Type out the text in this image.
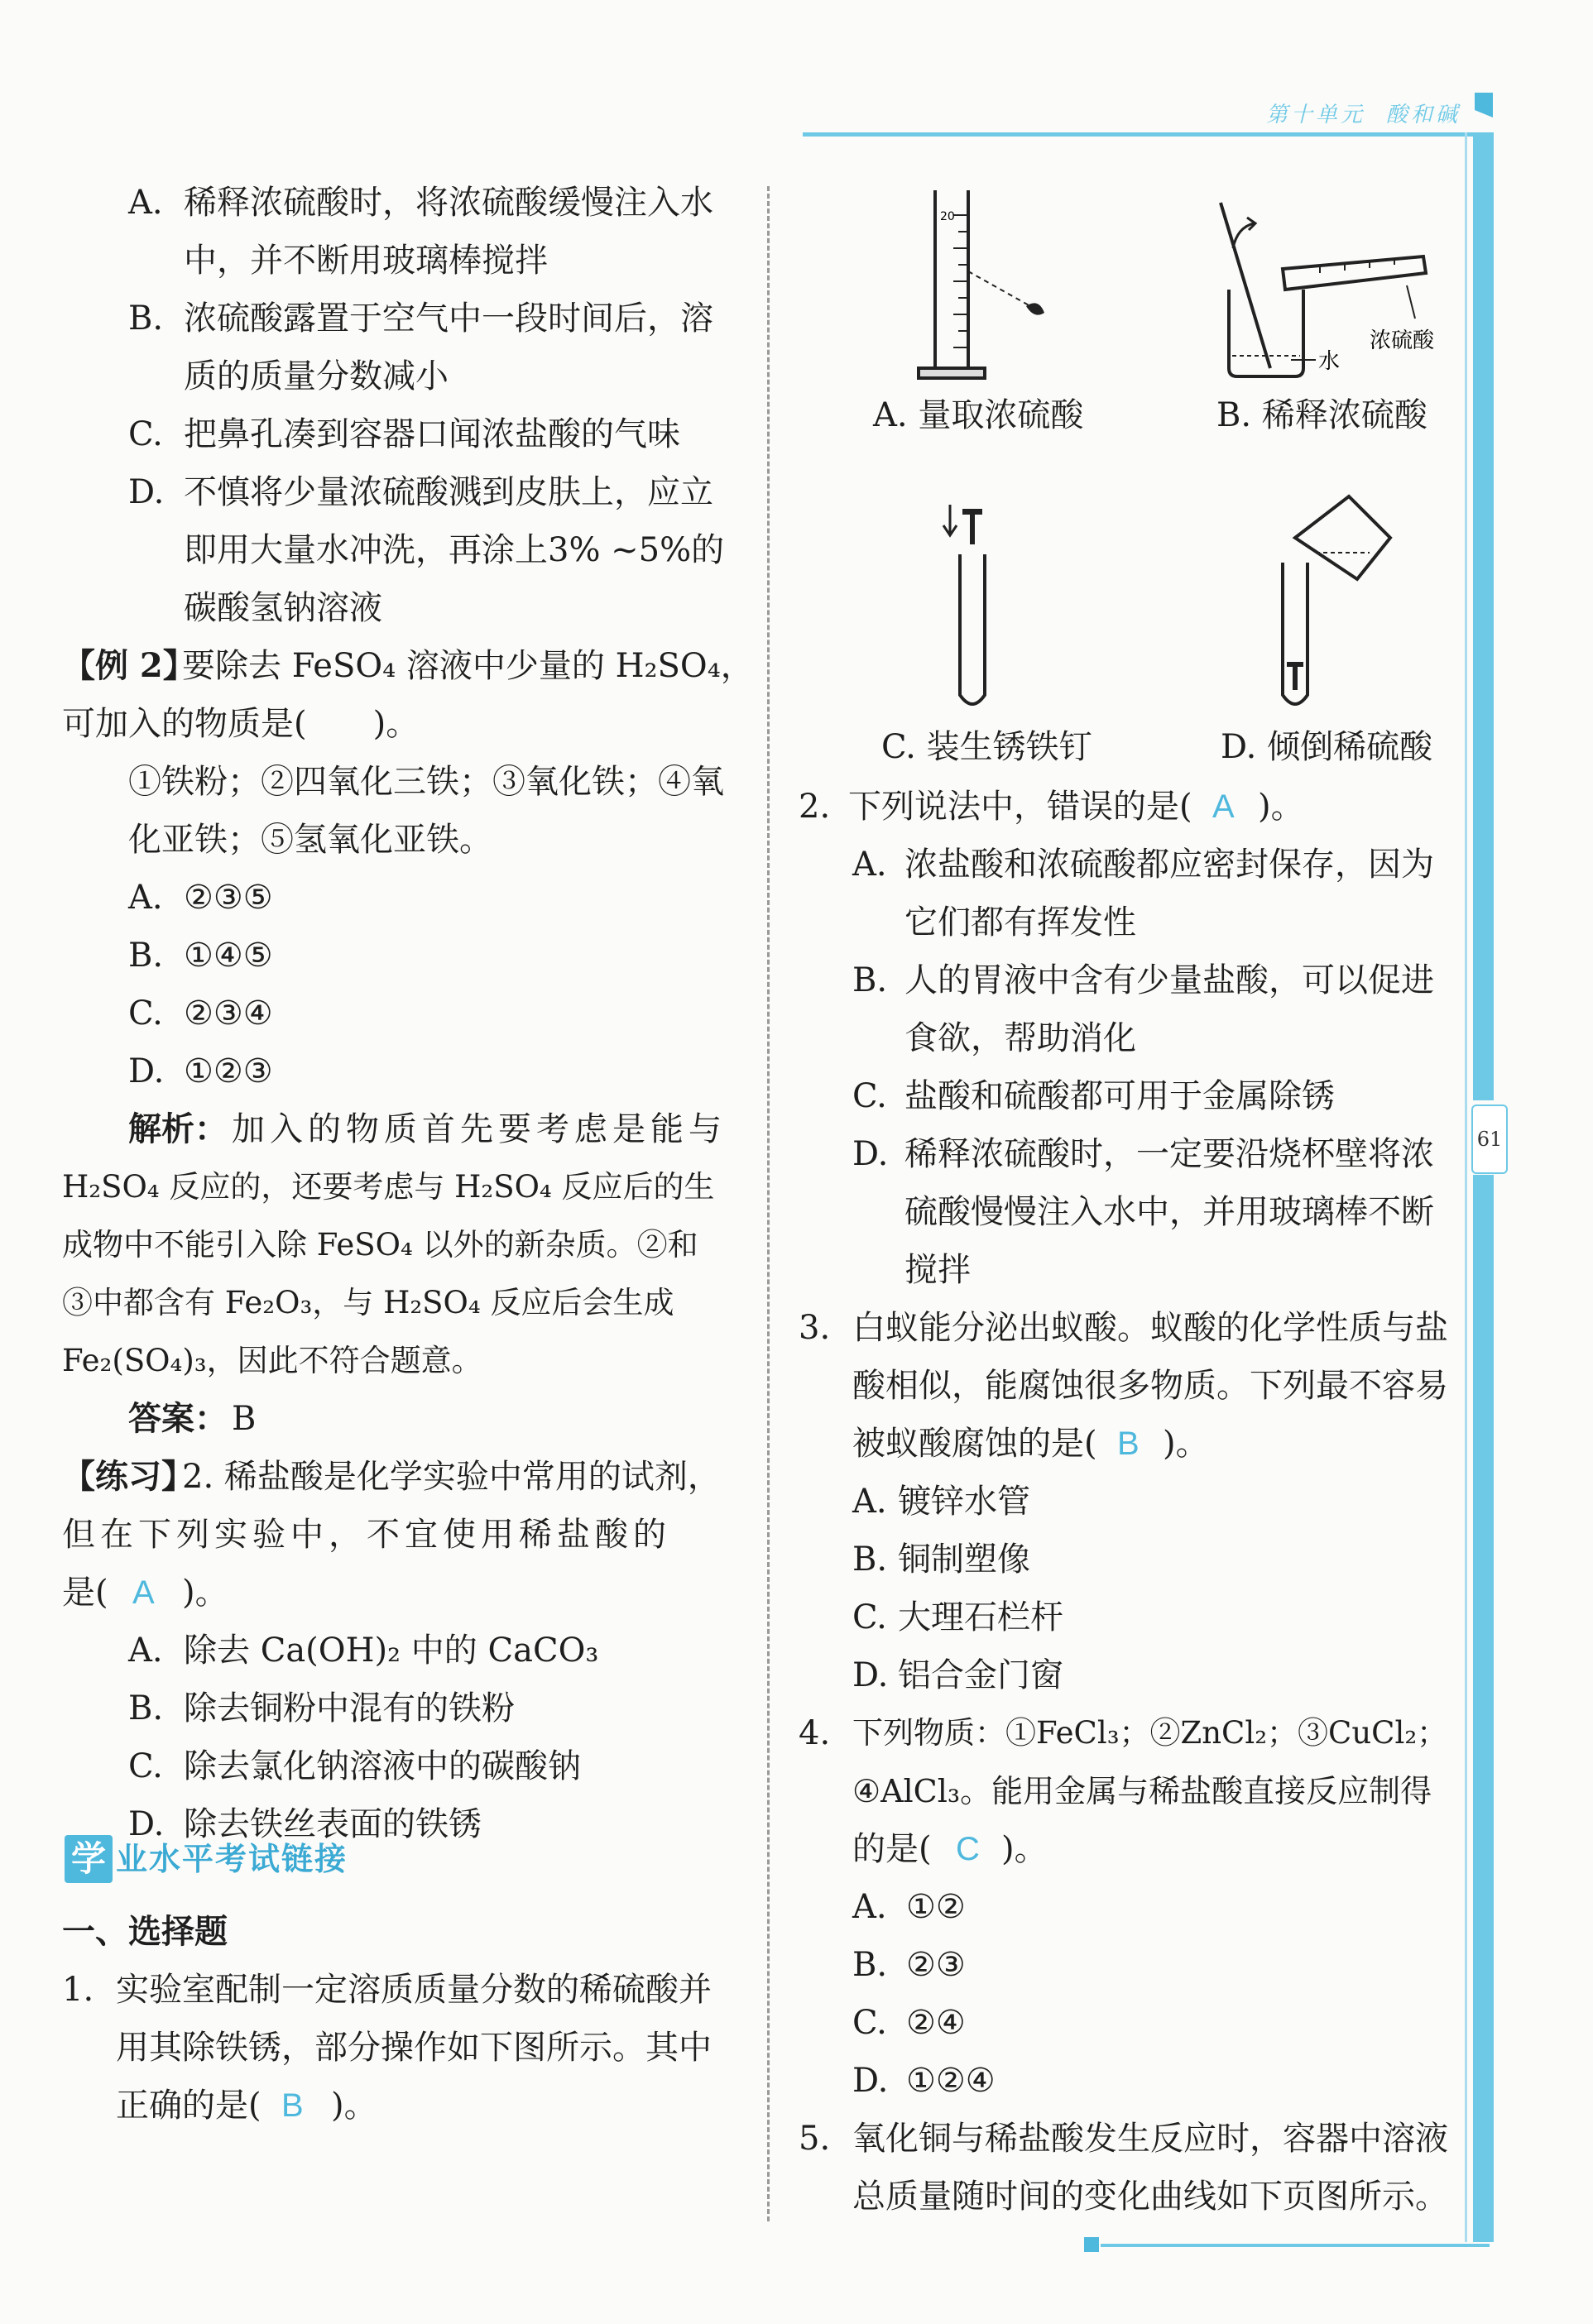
第十单元 酸和碱
61
A. 稀释浓硫酸时，将浓硫酸缓慢注入水
中，并不断用玻璃棒搅拌
B. 浓硫酸露置于空气中一段时间后，溶
质的质量分数减小
C. 把鼻孔凑到容器口闻浓盐酸的气味
D. 不慎将少量浓硫酸溅到皮肤上，应立
即用大量水冲洗，再涂上3% ~5%的
碳酸氢钠溶液
【例 2】
要除去 FeSO₄ 溶液中少量的 H₂SO₄，
可加入的物质是(　　)。
①铁粉；②四氧化三铁；③氧化铁；④氧
化亚铁；⑤氢氧化亚铁。
A. ②③⑤
B. ①④⑤
C. ②③④
D. ①②③
解析： 加入的物质首先要考虑是能与
H₂SO₄ 反应的，还要考虑与 H₂SO₄ 反应后的生
成物中不能引入除 FeSO₄ 以外的新杂质。②和
③中都含有 Fe₂O₃，与 H₂SO₄ 反应后会生成
Fe₂(SO₄)₃，因此不符合题意。
答案： B
【练习】
2. 稀盐酸是化学实验中常用的试剂，
但在下列实验中，不宜使用稀盐酸的
是( A )。
A. 除去 Ca(OH)₂ 中的 CaCO₃
B. 除去铜粉中混有的铁粉
C. 除去氯化钠溶液中的碳酸钠
D. 除去铁丝表面的铁锈
学 业水平考试链接
一、选择题
1. 实验室配制一定溶质质量分数的稀硫酸并
用其除铁锈，部分操作如下图所示。其中
正确的是( B )。
20
A. 量取浓硫酸
水
浓硫酸
B. 稀释浓硫酸
C. 装生锈铁钉	D. 倾倒稀硫酸
2. 下列说法中，错误的是( A )。
A. 浓盐酸和浓硫酸都应密封保存，因为
它们都有挥发性
B. 人的胃液中含有少量盐酸，可以促进
食欲，帮助消化
C. 盐酸和硫酸都可用于金属除锈
D. 稀释浓硫酸时，一定要沿烧杯壁将浓
硫酸慢慢注入水中，并用玻璃棒不断
搅拌
3. 白蚁能分泌出蚁酸。蚁酸的化学性质与盐
酸相似，能腐蚀很多物质。下列最不容易
被蚁酸腐蚀的是( B )。
A. 镀锌水管
B. 铜制塑像
C. 大理石栏杆
D. 铝合金门窗
4. 下列物质：①FeCl₃；②ZnCl₂；③CuCl₂；
④AlCl₃。能用金属与稀盐酸直接反应制得
的是( C )。
A. ①②
B. ②③
C. ②④
D. ①②④
5. 氧化铜与稀盐酸发生反应时，容器中溶液
总质量随时间的变化曲线如下页图所示。
